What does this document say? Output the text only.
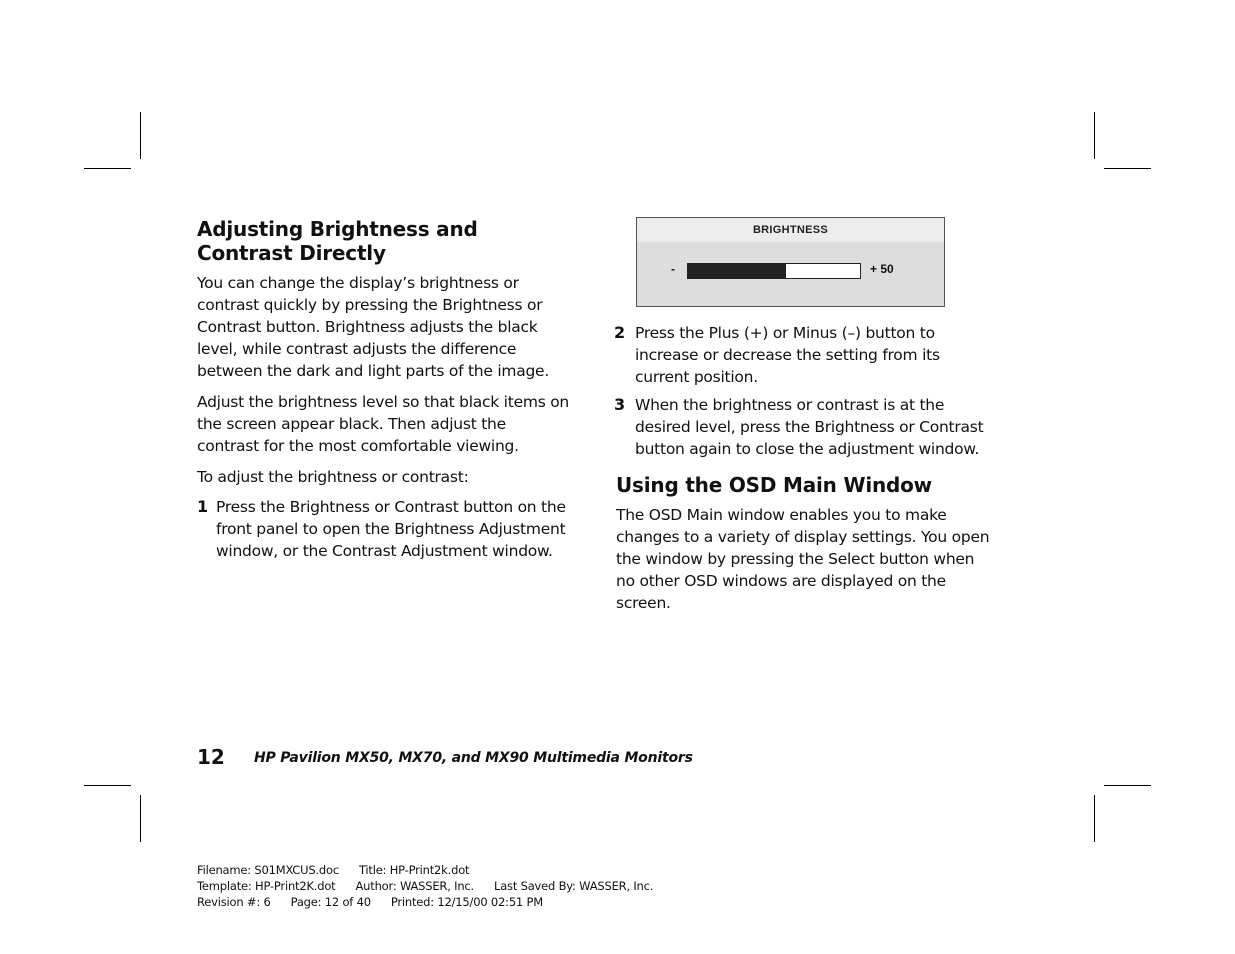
Adjusting Brightness and Contrast Directly

You can change the display’s brightness or contrast quickly by pressing the Brightness or Contrast button. Brightness adjusts the black level, while contrast adjusts the difference between the dark and light parts of the image.

Adjust the brightness level so that black items on the screen appear black. Then adjust the contrast for the most comfortable viewing.

To adjust the brightness or contrast:

1 Press the Brightness or Contrast button on the front panel to open the Brightness Adjustment window, or the Contrast Adjustment window.
BRIGHTNESS
-	+ 50
2 Press the Plus (+) or Minus (–) button to increase or decrease the setting from its current position.
3 When the brightness or contrast is at the desired level, press the Brightness or Contrast button again to close the adjustment window.
Using the OSD Main Window

The OSD Main window enables you to make changes to a variety of display settings. You open the window by pressing the Select button when no other OSD windows are displayed on the screen.

12 HP Pavilion MX50, MX70, and MX90 Multimedia Monitors
Filename: S01MXCUS.doc Title: HP-Print2k.dot
Template: HP-Print2K.dot Author: WASSER, Inc. Last Saved By: WASSER, Inc.
Revision #: 6 Page: 12 of 40 Printed: 12/15/00 02:51 PM
